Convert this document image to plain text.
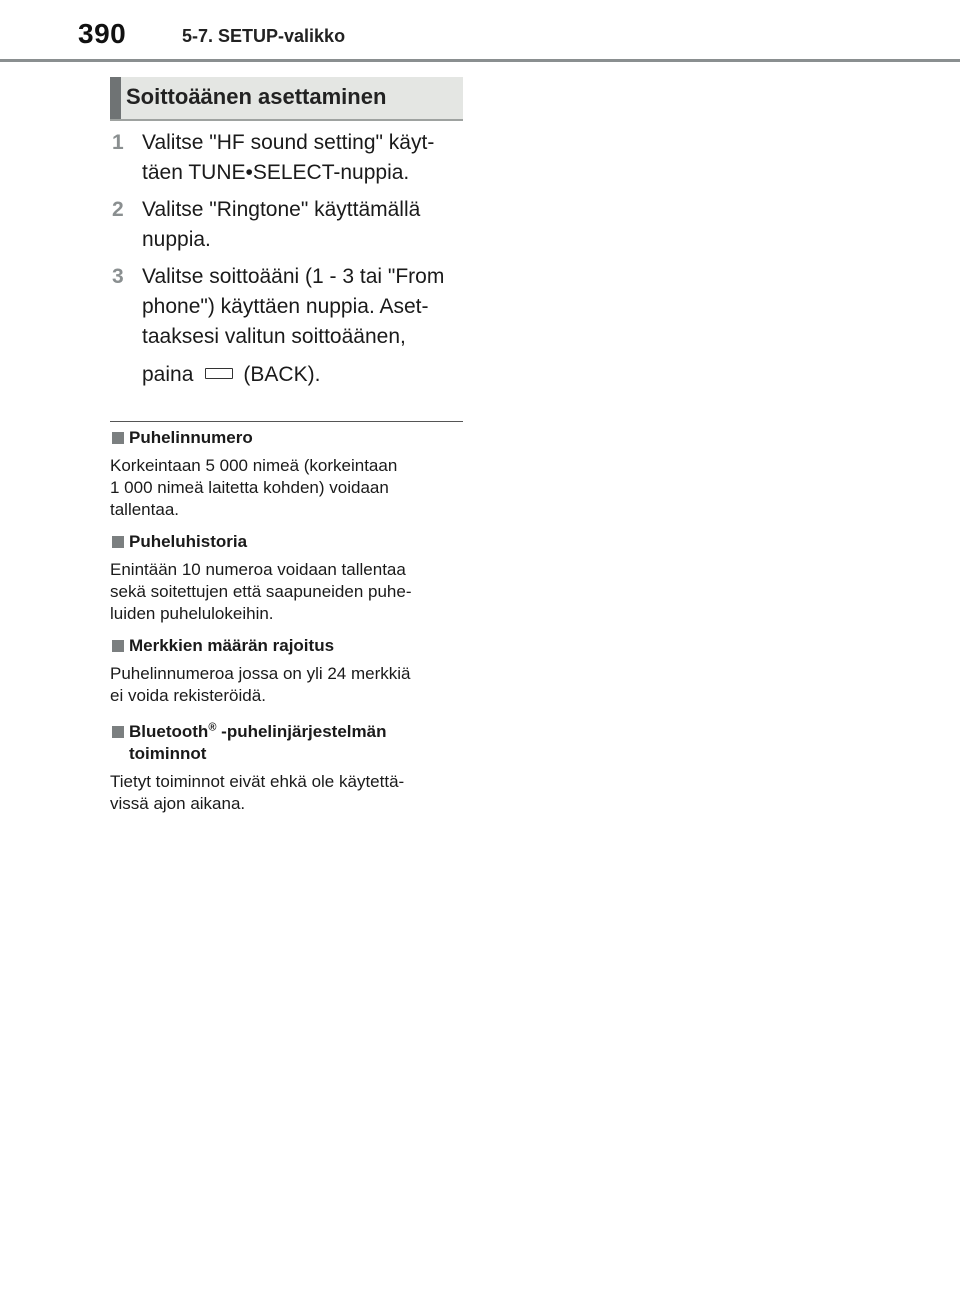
390	5-7. SETUP-valikko
Soittoäänen asettaminen
1 Valitse "HF sound setting" käyt-
täen TUNE•SELECT-nuppia.
2 Valitse "Ringtone" käyttämällä
nuppia.
3 Valitse soittoääni (1 - 3 tai "From
phone") käyttäen nuppia. Aset-
taaksesi valitun soittoäänen,
paina (BACK).
Puhelinnumero
Korkeintaan 5 000 nimeä (korkeintaan
1 000 nimeä laitetta kohden) voidaan
tallentaa.
Puheluhistoria
Enintään 10 numeroa voidaan tallentaa
sekä soitettujen että saapuneiden puhe-
luiden puhelulokeihin.
Merkkien määrän rajoitus
Puhelinnumeroa jossa on yli 24 merkkiä
ei voida rekisteröidä.
Bluetooth® -puhelinjärjestelmän
toiminnot
Tietyt toiminnot eivät ehkä ole käytettä-
vissä ajon aikana.
